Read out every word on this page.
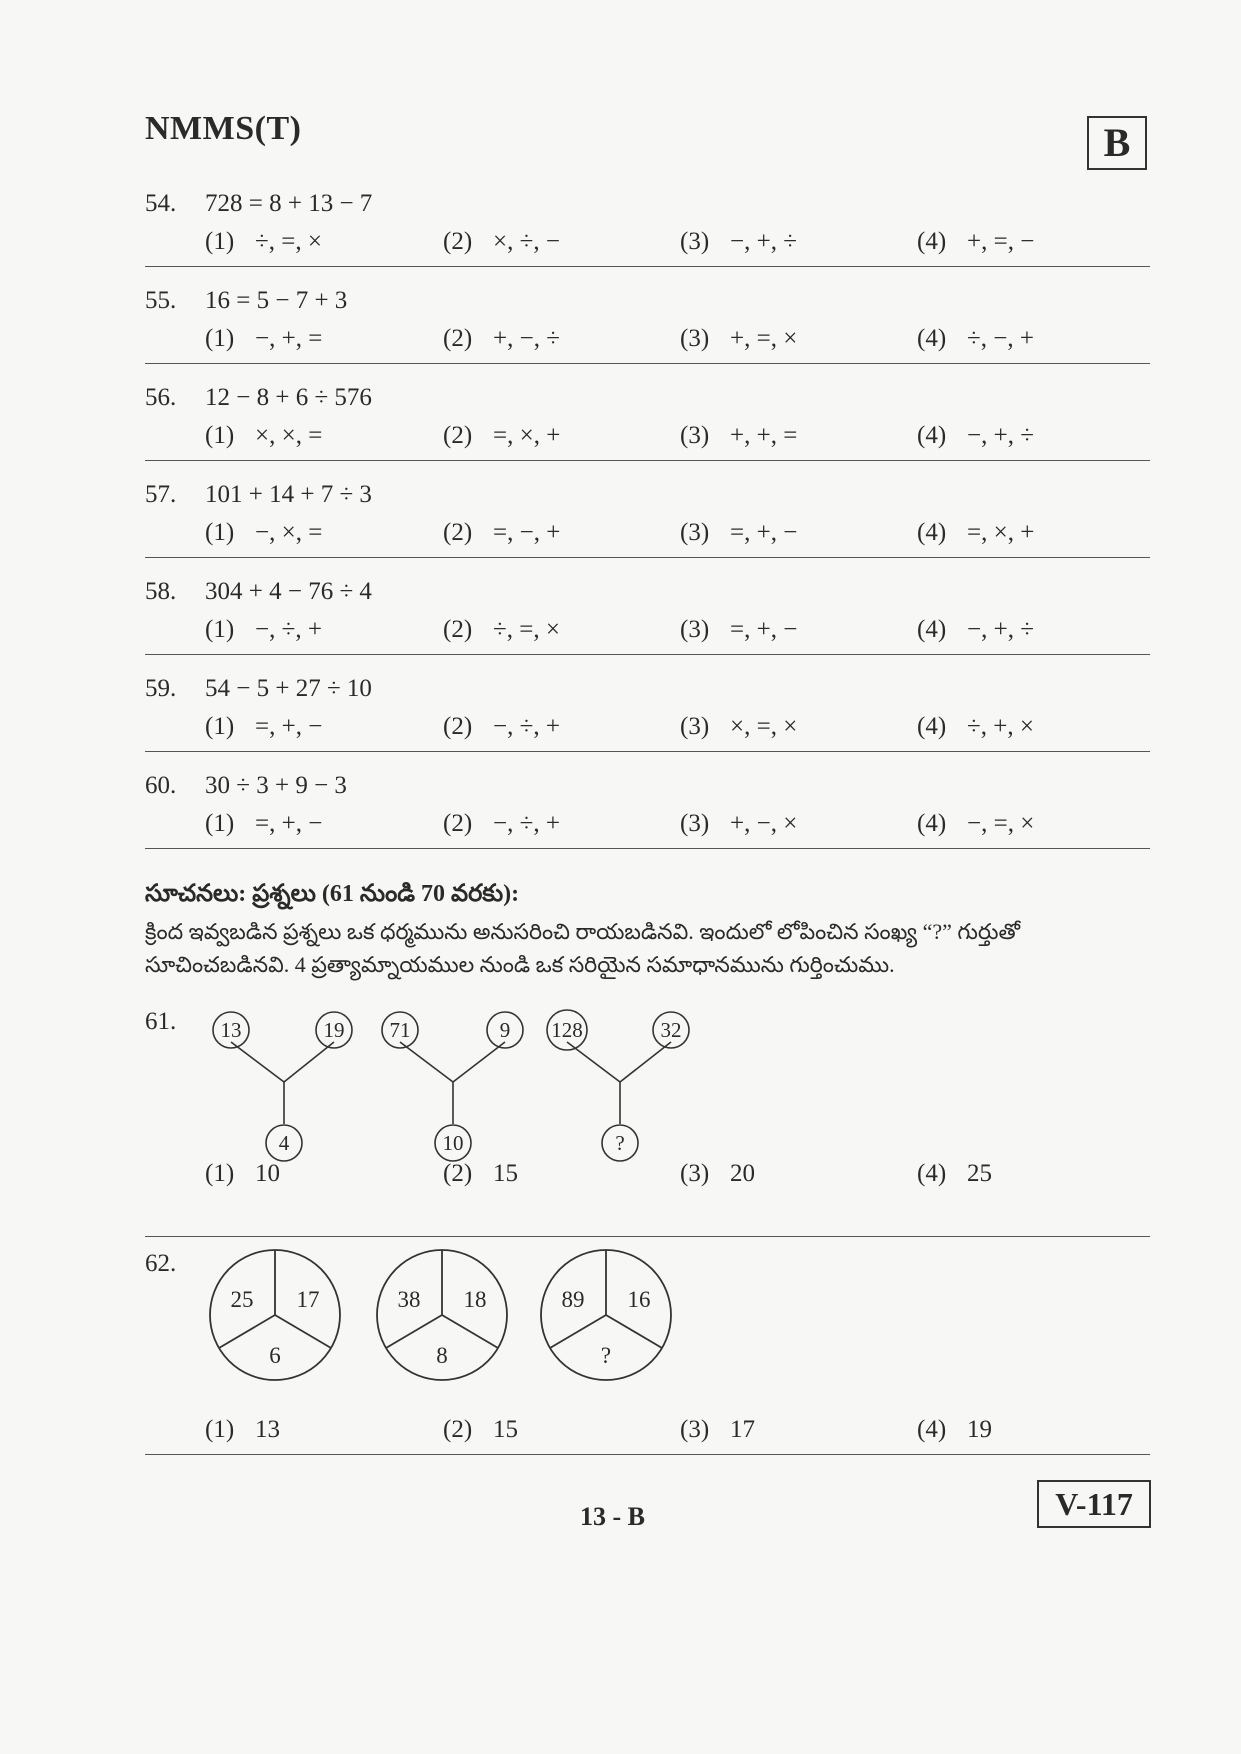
NMMS(T)	B
54. 728 = 8 + 13 − 7
(1) ÷, =, ×	(2) ×, ÷, −	(3) −, +, ÷	(4) +, =, −
55. 16 = 5 − 7 + 3
(1) −, +, =	(2) +, −, ÷	(3) +, =, ×	(4) ÷, −, +
56. 12 − 8 + 6 ÷ 576
(1) ×, ×, =	(2) =, ×, +	(3) +, +, =	(4) −, +, ÷
57. 101 + 14 + 7 ÷ 3
(1) −, ×, =	(2) =, −, +	(3) =, +, −	(4) =, ×, +
58. 304 + 4 − 76 ÷ 4
(1) −, ÷, +	(2) ÷, =, ×	(3) =, +, −	(4) −, +, ÷
59. 54 − 5 + 27 ÷ 10
(1) =, +, −	(2) −, ÷, +	(3) ×, =, ×	(4) ÷, +, ×
60. 30 ÷ 3 + 9 − 3
(1) =, +, −	(2) −, ÷, +	(3) +, −, ×	(4) −, =, ×
సూచనలు: ప్రశ్నలు (61 నుండి 70 వరకు):
క్రింద ఇవ్వబడిన ప్రశ్నలు ఒక ధర్మమును అనుసరించి రాయబడినవి. ఇందులో లోపించిన సంఖ్య “?” గుర్తుతో సూచించబడినవి. 4 ప్రత్యామ్నాయముల నుండి ఒక సరియైన సమాధానమును గుర్తించుము.
61. 13	19
4
71	9
10
128	32
?
(1) 10	(2) 15	(3) 20	(4) 25
62.
25 17
6
38 18
8
89 16
?
(1) 13	(2) 15	(3) 17	(4) 19
13 - B	V-117
